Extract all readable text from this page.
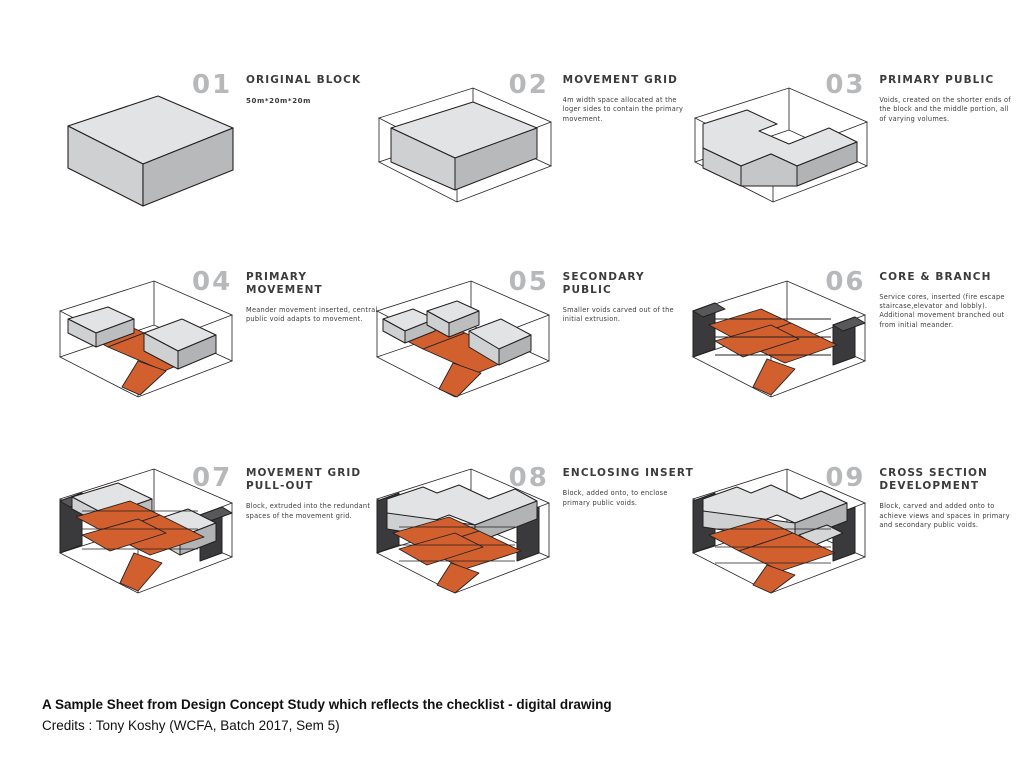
01 ORIGINAL BLOCK
50m*20m*20m
02 MOVEMENT GRID
4m width space allocated at the loger sides to contain the primary movement.
03 PRIMARY PUBLIC
Voids, created on the shorter ends of the block and the middle portion, all of varying volumes.
04 PRIMARY MOVEMENT
Meander movement inserted, central public void adapts to movement.
05 SECONDARY PUBLIC
Smaller voids carved out of the initial extrusion.
06 CORE & BRANCH
Service cores, inserted (fire escape staircase,elevator and lobbly). Additional movement branched out from initial meander.
07 MOVEMENT GRID PULL-OUT
Block, extruded into the redundant spaces of the movement grid.
08 ENCLOSING INSERT
Block, added onto, to enclose primary public voids.
09 CROSS SECTION DEVELOPMENT
Block, carved and added onto to achieve views and spaces in primary and secondary public voids.
A Sample Sheet from Design Concept Study which reflects the checklist - digital drawing
Credits : Tony Koshy (WCFA, Batch 2017, Sem 5)
